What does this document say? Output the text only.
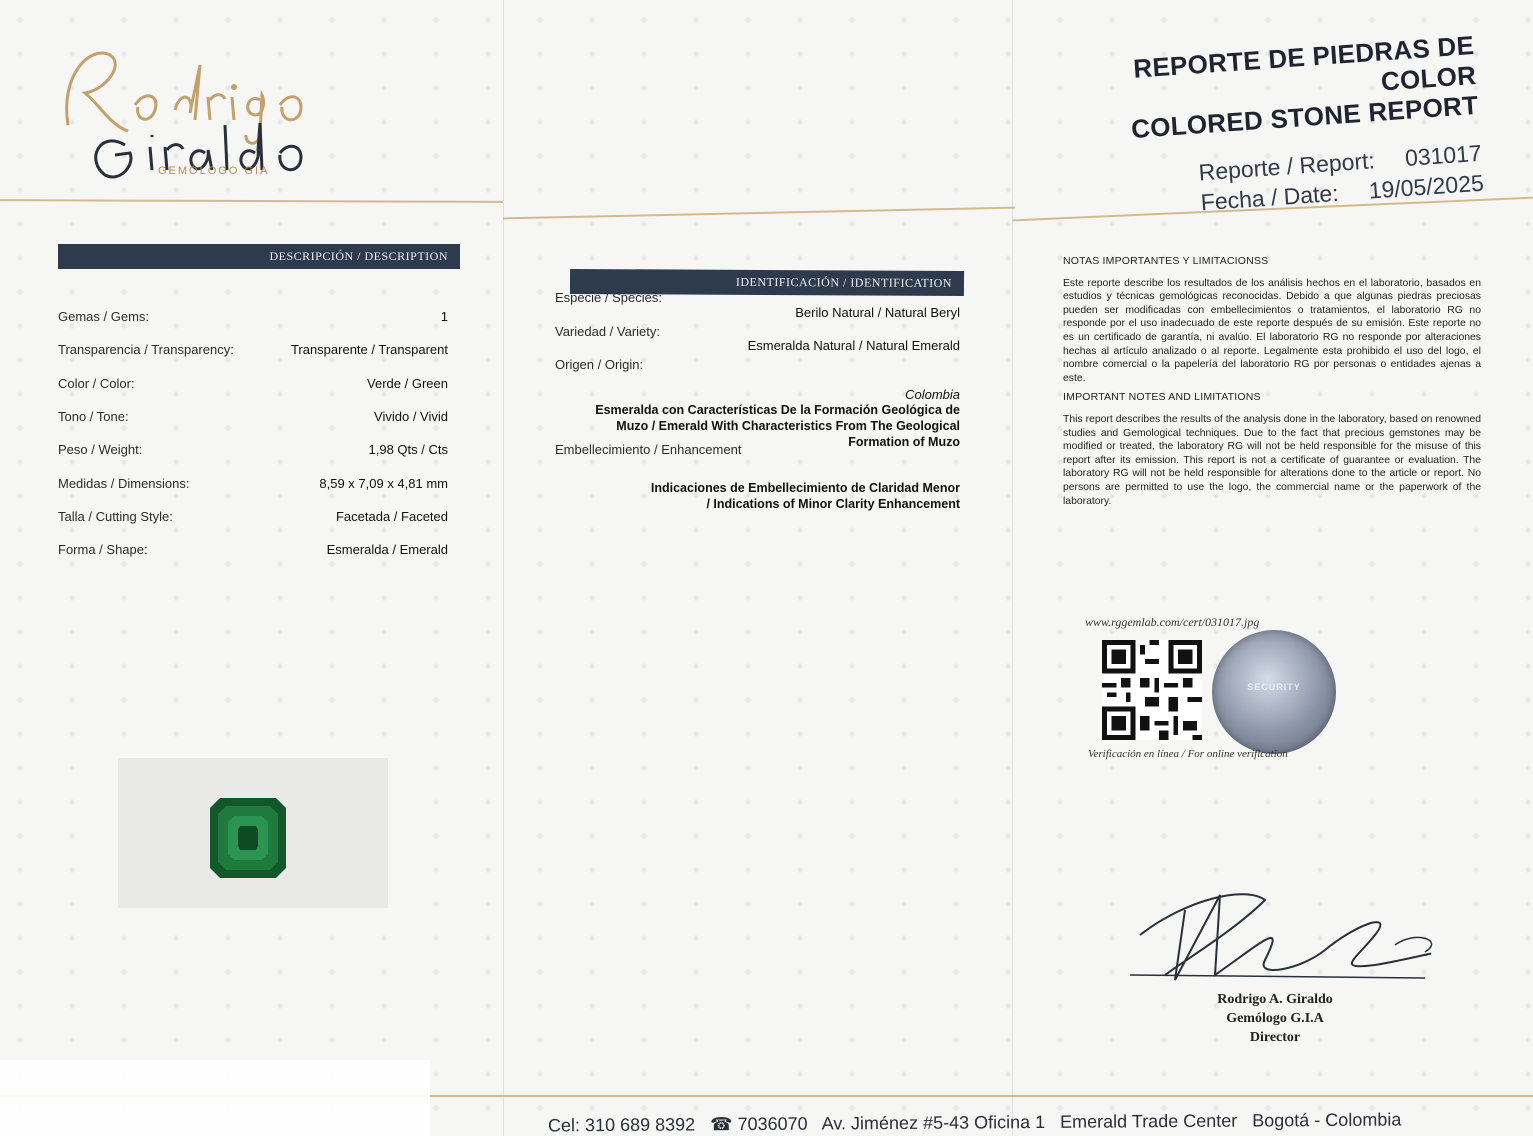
GEMÓLOGO GIA
REPORTE DE PIEDRAS DE COLOR
COLORED STONE REPORT
Reporte / Report: 031017
Fecha / Date: 19/05/2025
DESCRIPCIÓN / DESCRIPTION
Gemas / Gems:	1
Transparencia / Transparency:	Transparente / Transparent
Color / Color:	Verde / Green
Tono / Tone:	Vivido / Vivid
Peso / Weight:	1,98 Qts / Cts
Medidas / Dimensions:	8,59 x 7,09 x 4,81 mm
Talla / Cutting Style:	Facetada / Faceted
Forma / Shape:	Esmeralda / Emerald
IDENTIFICACIÓN / IDENTIFICATION
Especie / Species:
Berilo Natural / Natural Beryl
Variedad / Variety:
Esmeralda Natural / Natural Emerald
Origen / Origin:
Colombia
Esmeralda con Características De la Formación Geológica de Muzo / Emerald With Characteristics From The Geological Formation of Muzo
Embellecimiento / Enhancement
Indicaciones de Embellecimiento de Claridad Menor / Indications of Minor Clarity Enhancement
NOTAS IMPORTANTES Y LIMITACIONSS

Este reporte describe los resultados de los análisis hechos en el laboratorio, basados en estudios y técnicas gemológicas reconocidas. Debido a que algunas piedras preciosas pueden ser modificadas con embellecimientos o tratamientos, el laboratorio RG no responde por el uso inadecuado de este reporte después de su emisión. Este reporte no es un certificado de garantía, ni avalúo. El laboratorio RG no responde por alteraciones hechas al artículo analizado o al reporte. Legalmente esta prohibido el uso del logo, el nombre comercial o la papelería del laboratorio RG por personas o entidades ajenas a este.

IMPORTANT NOTES AND LIMITATIONS

This report describes the results of the analysis done in the laboratory, based on renowned studies and Gemological techniques. Due to the fact that precious gemstones may be modified or treated, the laboratory RG will not be held responsible for the misuse of this report after its emission. This report is not a certificate of guarantee or evaluation. The laboratory RG will not be held responsible for alterations done to the article or report. No persons are permitted to use the logo, the commercial name or the paperwork of the laboratory.

www.rggemlab.com/cert/031017.jpg
SECURITY
Verificación en línea / For online verification
Rodrigo A. Giraldo
Gemólogo G.I.A
Director
Cel: 310 689 8392 ☎ 7036070 Av. Jiménez #5-43 Oficina 1 Emerald Trade Center Bogotá - Colombia
